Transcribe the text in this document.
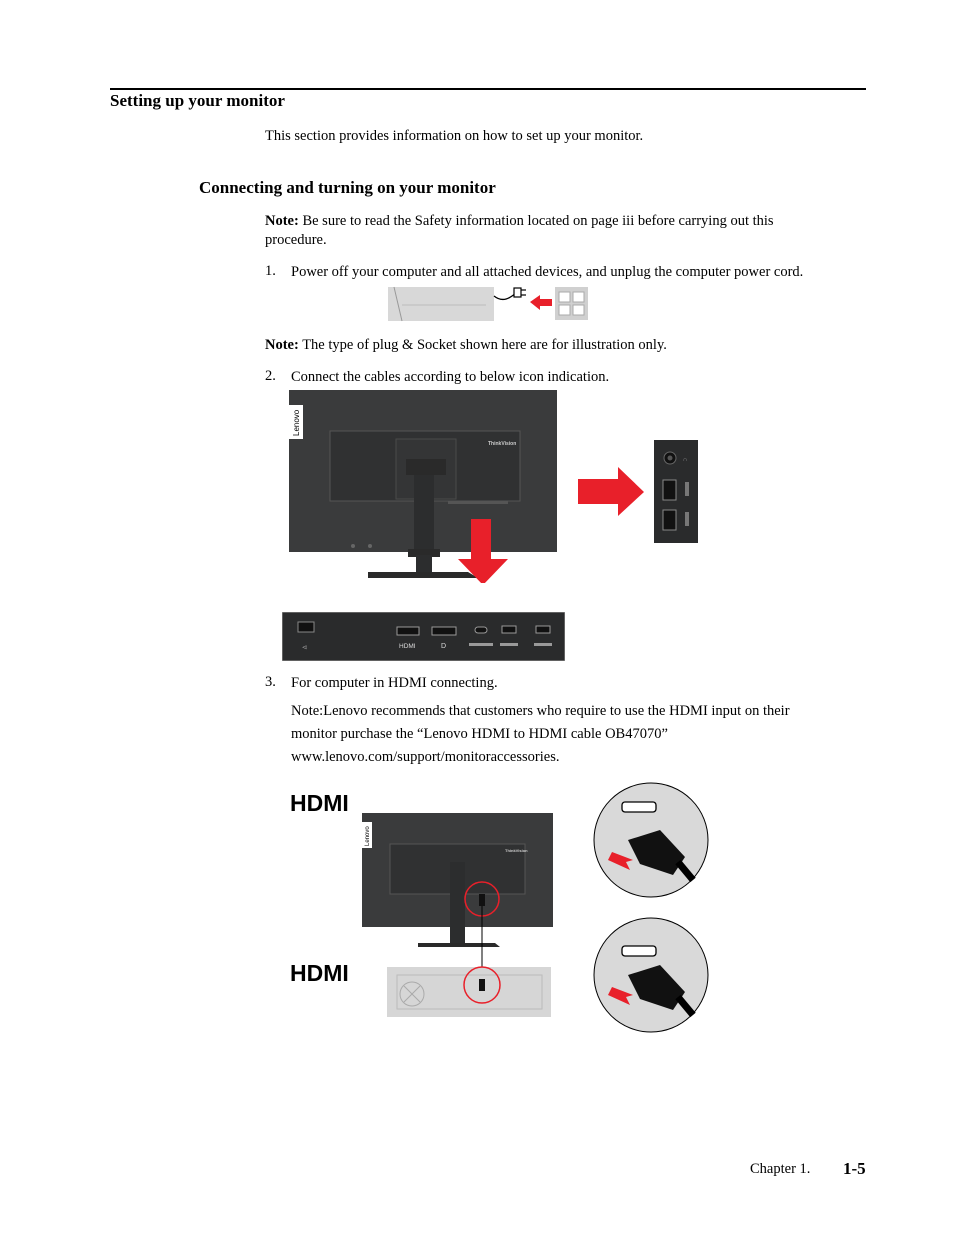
Setting up your monitor
This section provides information on how to set up your monitor.
Connecting and turning on your monitor
Note: Be sure to read the Safety information located on page iii before carrying out this
procedure.
1. Power off your computer and all attached devices, and unplug the computer power cord.
Note: The type of plug & Socket shown here are for illustration only.
2. Connect the cables according to below icon indication.
Lenovo
ThinkVision
∩
⏿	HDMI	D
3. For computer in HDMI connecting.
Note:Lenovo recommends that customers who require to use the HDMI input on their
monitor purchase the “Lenovo HDMI to HDMI cable OB47070”
www.lenovo.com/support/monitoraccessories.
HDMI
HDMI
Lenovo
ThinkVision
Chapter 1. 1-5
